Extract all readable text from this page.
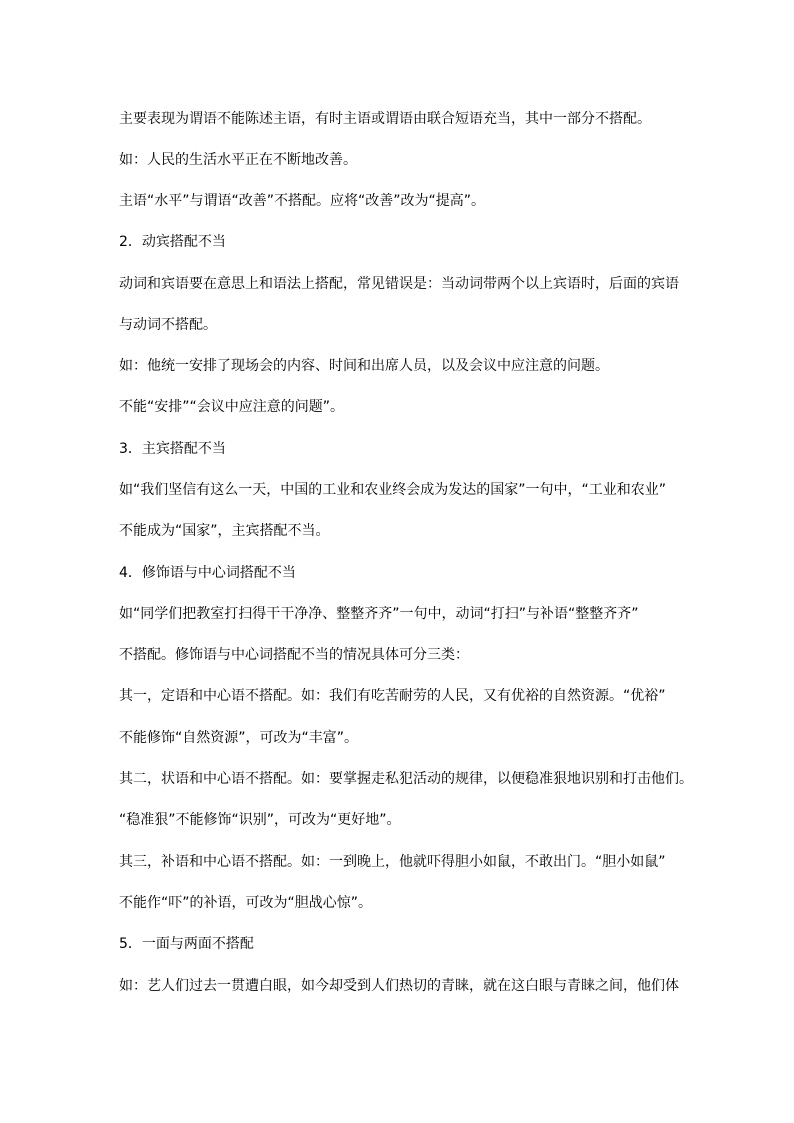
主要表现为谓语不能陈述主语，有时主语或谓语由联合短语充当，其中一部分不搭配。
如：人民的生活水平正在不断地改善。
主语“水平”与谓语“改善”不搭配。应将“改善”改为“提高”。
2．动宾搭配不当
动词和宾语要在意思上和语法上搭配，常见错误是：当动词带两个以上宾语时，后面的宾语
与动词不搭配。
如：他统一安排了现场会的内容、时间和出席人员，以及会议中应注意的问题。
不能“安排”“会议中应注意的问题”。
3．主宾搭配不当
如“我们坚信有这么一天，中国的工业和农业终会成为发达的国家”一句中，“工业和农业”
不能成为“国家”，主宾搭配不当。
4．修饰语与中心词搭配不当
如“同学们把教室打扫得干干净净、整整齐齐”一句中，动词“打扫”与补语“整整齐齐”
不搭配。修饰语与中心词搭配不当的情况具体可分三类：
其一，定语和中心语不搭配。如：我们有吃苦耐劳的人民，又有优裕的自然资源。“优裕”
不能修饰“自然资源”，可改为“丰富”。
其二，状语和中心语不搭配。如：要掌握走私犯活动的规律，以便稳准狠地识别和打击他们。
“稳准狠”不能修饰“识别”，可改为“更好地”。
其三，补语和中心语不搭配。如：一到晚上，他就吓得胆小如鼠，不敢出门。“胆小如鼠”
不能作“吓”的补语，可改为“胆战心惊”。
5．一面与两面不搭配
如：艺人们过去一贯遭白眼，如今却受到人们热切的青睐，就在这白眼与青睐之间，他们体
